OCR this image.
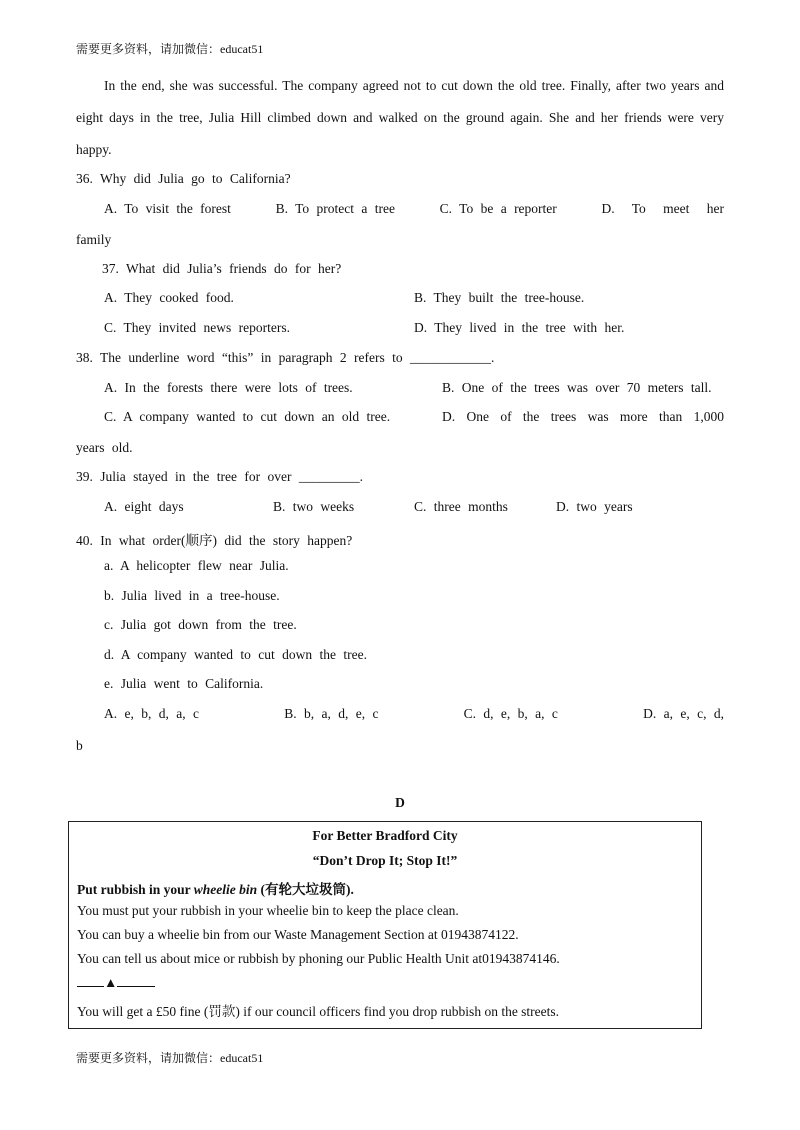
需要更多资料，请加微信：educat51
In the end, she was successful. The company agreed not to cut down the old tree. Finally, after two years and
eight days in the tree, Julia Hill climbed down and walked on the ground again. She and her friends were very
happy.
36. Why did Julia go to California?
A. To visit the forest	B. To protect a tree	C. To be a reporter	D. To meet her
family
37. What did Julia’s friends do for her?
A. They cooked food.	B. They built the tree-house.
C. They invited news reporters.	D. They lived in the tree with her.
38. The underline word “this” in paragraph 2 refers to ____________.
A. In the forests there were lots of trees.	B. One of the trees was over 70 meters tall.
C. A company wanted to cut down an old tree.	D. One of the trees was more than 1,000
years old.
39. Julia stayed in the tree for over _________.
A. eight days	B. two weeks	C. three months	D. two years
40. In what order(顺序) did the story happen?
a. A helicopter flew near Julia.
b. Julia lived in a tree-house.
c. Julia got down from the tree.
d. A company wanted to cut down the tree.
e. Julia went to California.
A. e, b, d, a, c	B. b, a, d, e, c	C. d, e, b, a, c	D. a, e, c, d,
b
D
For Better Bradford City
“Don’t Drop It; Stop It!”
Put rubbish in your wheelie bin (有轮大垃圾筒).
You must put your rubbish in your wheelie bin to keep the place clean.
You can buy a wheelie bin from our Waste Management Section at 01943874122.
You can tell us about mice or rubbish by phoning our Public Health Unit at01943874146.
▲
You will get a £50 fine (罚款) if our council officers find you drop rubbish on the streets.
需要更多资料，请加微信：educat51
